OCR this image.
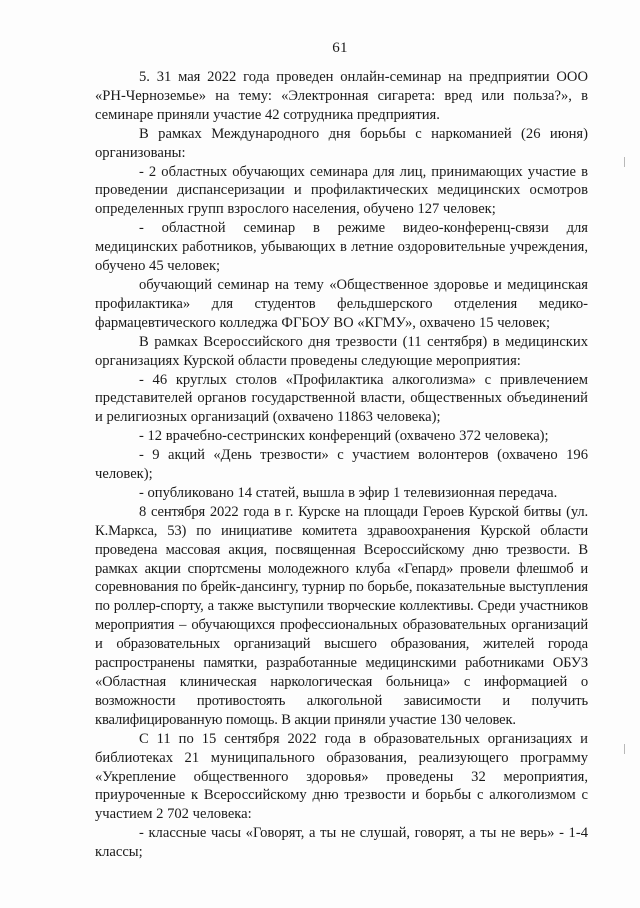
61

5. 31 мая 2022 года проведен онлайн-семинар на предприятии ООО «РН-Черноземье» на тему: «Электронная сигарета: вред или польза?», в семинаре приняли участие 42 сотрудника предприятия.

В рамках Международного дня борьбы с наркоманией (26 июня) организованы:

- 2 областных обучающих семинара для лиц, принимающих участие в проведении диспансеризации и профилактических медицинских осмотров определенных групп взрослого населения, обучено 127 человек;

- областной семинар в режиме видео-конференц-связи для медицинских работников, убывающих в летние оздоровительные учреждения, обучено 45 человек;

обучающий семинар на тему «Общественное здоровье и медицинская профилактика» для студентов фельдшерского отделения медико-фармацевтического колледжа ФГБОУ ВО «КГМУ», охвачено 15 человек;

В рамках Всероссийского дня трезвости (11 сентября) в медицинских организациях Курской области проведены следующие мероприятия:

- 46 круглых столов «Профилактика алкоголизма» с привлечением представителей органов государственной власти, общественных объединений и религиозных организаций (охвачено 11863 человека);

- 12 врачебно-сестринских конференций (охвачено 372 человека);

- 9 акций «День трезвости» с участием волонтеров (охвачено 196 человек);

- опубликовано 14 статей, вышла в эфир 1 телевизионная передача.

8 сентября 2022 года в г. Курске на площади Героев Курской битвы (ул. К.Маркса, 53) по инициативе комитета здравоохранения Курской области проведена массовая акция, посвященная Всероссийскому дню трезвости. В рамках акции спортсмены молодежного клуба «Гепард» провели флешмоб и соревнования по брейк-дансингу, турнир по борьбе, показательные выступления по роллер-спорту, а также выступили творческие коллективы. Среди участников мероприятия – обучающихся профессиональных образовательных организаций и образовательных организаций высшего образования, жителей города распространены памятки, разработанные медицинскими работниками ОБУЗ «Областная клиническая наркологическая больница» с информацией о возможности противостоять алкогольной зависимости и получить квалифицированную помощь. В акции приняли участие 130 человек.

С 11 по 15 сентября 2022 года в образовательных организациях и библиотеках 21 муниципального образования, реализующего программу «Укрепление общественного здоровья» проведены 32 мероприятия, приуроченные к Всероссийскому дню трезвости и борьбы с алкоголизмом с участием 2 702 человека:

- классные часы «Говорят, а ты не слушай, говорят, а ты не верь» - 1-4 классы;
